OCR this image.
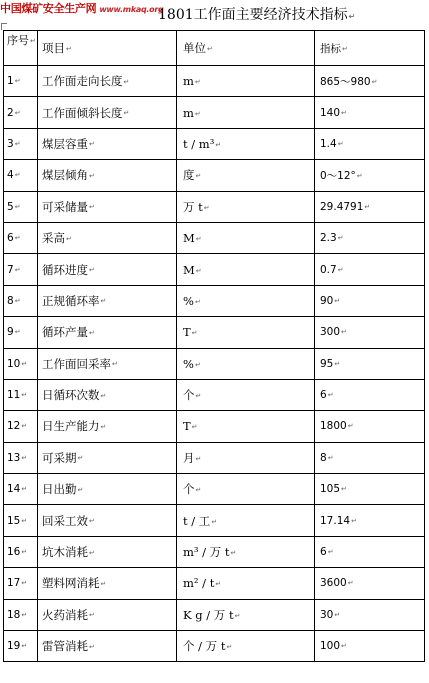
中国煤矿安全生产网 www.mkaq.org
1801工作面主要经济技术指标↵
序号↵	项目↵	单位↵	指标↵
1↵	工作面走向长度↵	m↵	865～980↵
2↵	工作面倾斜长度↵	m↵	140↵
3↵	煤层容重↵	t / m³↵	1.4↵
4↵	煤层倾角↵	度↵	0～12°↵
5↵	可采储量↵	万 t↵	29.4791↵
6↵	采高↵	M↵	2.3↵
7↵	循环进度↵	M↵	0.7↵
8↵	正规循环率↵	%↵	90↵
9↵	循环产量↵	T↵	300↵
10↵	工作面回采率↵	%↵	95↵
11↵	日循环次数↵	个↵	6↵
12↵	日生产能力↵	T↵	1800↵
13↵	可采期↵	月↵	8↵
14↵	日出勤↵	个↵	105↵
15↵	回采工效↵	t / 工↵	17.14↵
16↵	坑木消耗↵	m³ / 万 t↵	6↵
17↵	塑料网消耗↵	m² / t↵	3600↵
18↵	火药消耗↵	K g / 万 t↵	30↵
19↵	雷管消耗↵	个 / 万 t↵	100↵
